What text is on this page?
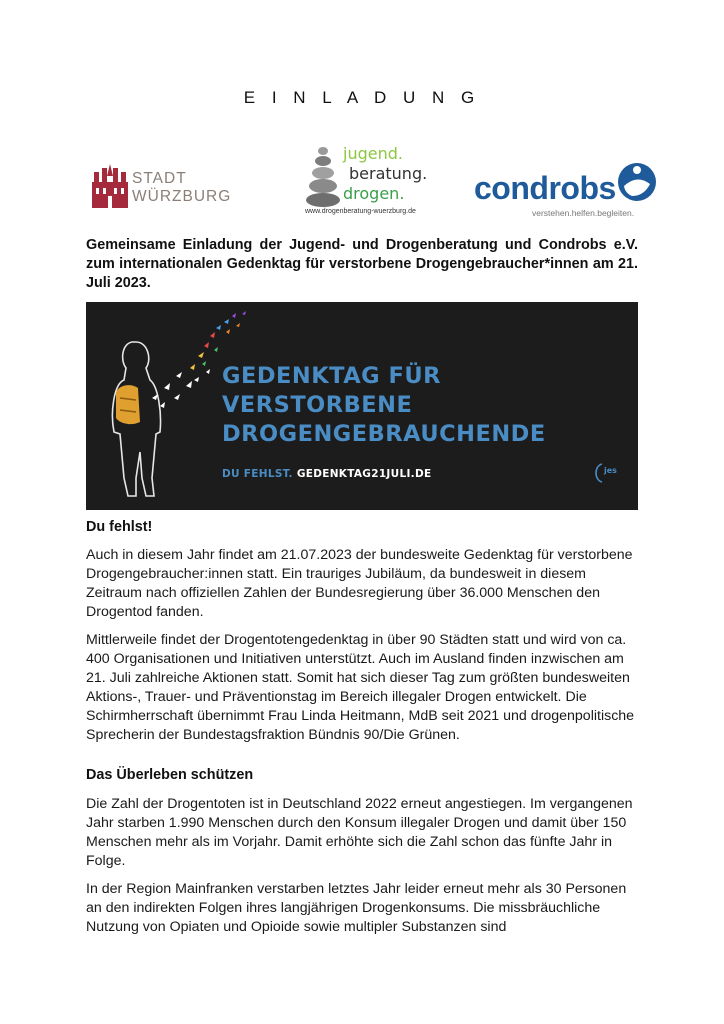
E I N L A D U N G
STADT
WÜRZBURG
jugend.
beratung.
drogen.
www.drogenberatung-wuerzburg.de
condrobs
verstehen.helfen.begleiten.
Gemeinsame Einladung der Jugend- und Drogenberatung und Condrobs e.V. zum internationalen Gedenktag für verstorbene Drogengebraucher*innen am 21. Juli 2023.
GEDENKTAG FÜR VERSTORBENE
DROGENGEBRAUCHENDE
DU FEHLST. GEDENKTAG21JULI.DE	jes
Du fehlst!
Auch in diesem Jahr findet am 21.07.2023 der bundesweite Gedenktag für verstorbene Drogengebraucher:innen statt. Ein trauriges Jubiläum, da bundesweit in diesem Zeitraum nach offiziellen Zahlen der Bundesregierung über 36.000 Menschen den Drogentod fanden.
Mittlerweile findet der Drogentotengedenktag in über 90 Städten statt und wird von ca. 400 Organisationen und Initiativen unterstützt. Auch im Ausland finden inzwischen am 21. Juli zahlreiche Aktionen statt. Somit hat sich dieser Tag zum größten bundesweiten Aktions-, Trauer- und Präventionstag im Bereich illegaler Drogen entwickelt. Die Schirmherrschaft übernimmt Frau Linda Heitmann, MdB seit 2021 und drogenpolitische Sprecherin der Bundestagsfraktion Bündnis 90/Die Grünen.
Das Überleben schützen
Die Zahl der Drogentoten ist in Deutschland 2022 erneut angestiegen. Im vergangenen Jahr starben 1.990 Menschen durch den Konsum illegaler Drogen und damit über 150 Menschen mehr als im Vorjahr. Damit erhöhte sich die Zahl schon das fünfte Jahr in Folge.
In der Region Mainfranken verstarben letztes Jahr leider erneut mehr als 30 Personen an den indirekten Folgen ihres langjährigen Drogenkonsums. Die missbräuchliche Nutzung von Opiaten und Opioide sowie multipler Substanzen sind
